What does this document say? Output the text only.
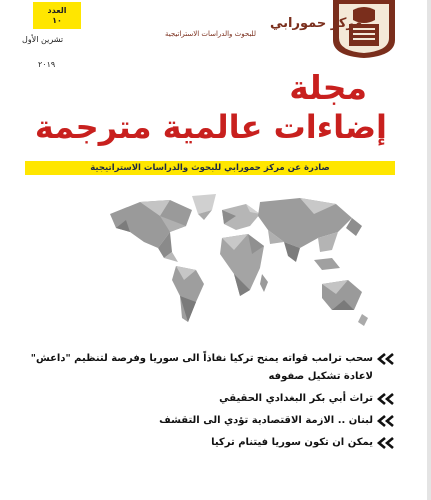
العدد
١٠
تشرين الأول
٢٠١٩
مركز حمورابي
للبحوث والدراسات الاستراتيجية
مجلة
إضاءات عالمية مترجمة
صادرة عن مركز حمورابي للبحوث والدراسات الاستراتيجية
سحب ترامب قواته يمنح تركيا نفاذاً الى سوريا وفرصة لتنظيم "داعش"
لاعادة تشكيل صفوفه
تراث أبي بكر البغدادي الحقيقي
لبنان .. الازمة الاقتصادية تؤدي الى التقشف
يمكن ان تكون سوريا فيتنام تركيا
